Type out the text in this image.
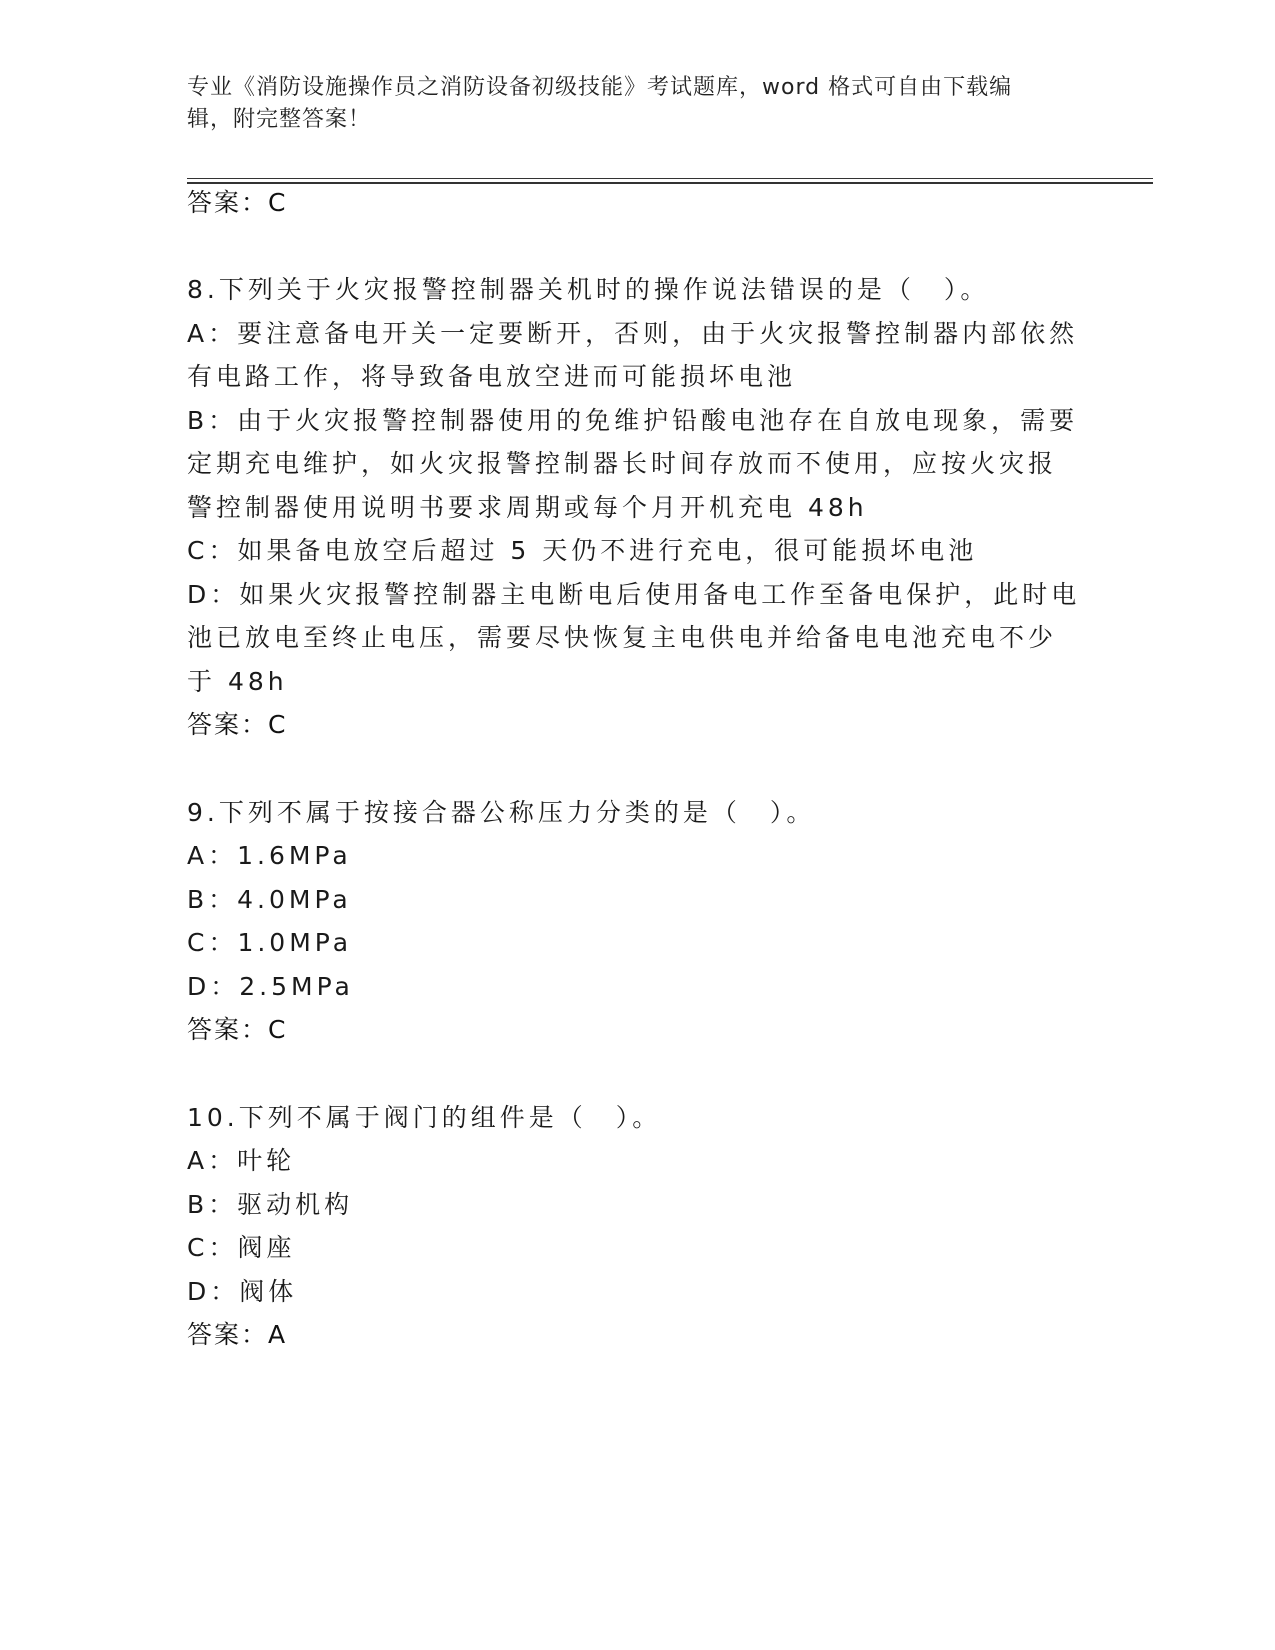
专业《消防设施操作员之消防设备初级技能》考试题库，word 格式可自由下载编
辑，附完整答案！
答案：C
8.下列关于火灾报警控制器关机时的操作说法错误的是（　）。
A：要注意备电开关一定要断开，否则，由于火灾报警控制器内部依然
有电路工作，将导致备电放空进而可能损坏电池
B：由于火灾报警控制器使用的免维护铅酸电池存在自放电现象，需要
定期充电维护，如火灾报警控制器长时间存放而不使用，应按火灾报
警控制器使用说明书要求周期或每个月开机充电 48h
C：如果备电放空后超过 5 天仍不进行充电，很可能损坏电池
D：如果火灾报警控制器主电断电后使用备电工作至备电保护，此时电
池已放电至终止电压，需要尽快恢复主电供电并给备电电池充电不少
于 48h
答案：C
9.下列不属于按接合器公称压力分类的是（　）。
A：1.6MPa
B：4.0MPa
C：1.0MPa
D：2.5MPa
答案：C
10.下列不属于阀门的组件是（　）。
A：叶轮
B：驱动机构
C：阀座
D：阀体
答案：A
